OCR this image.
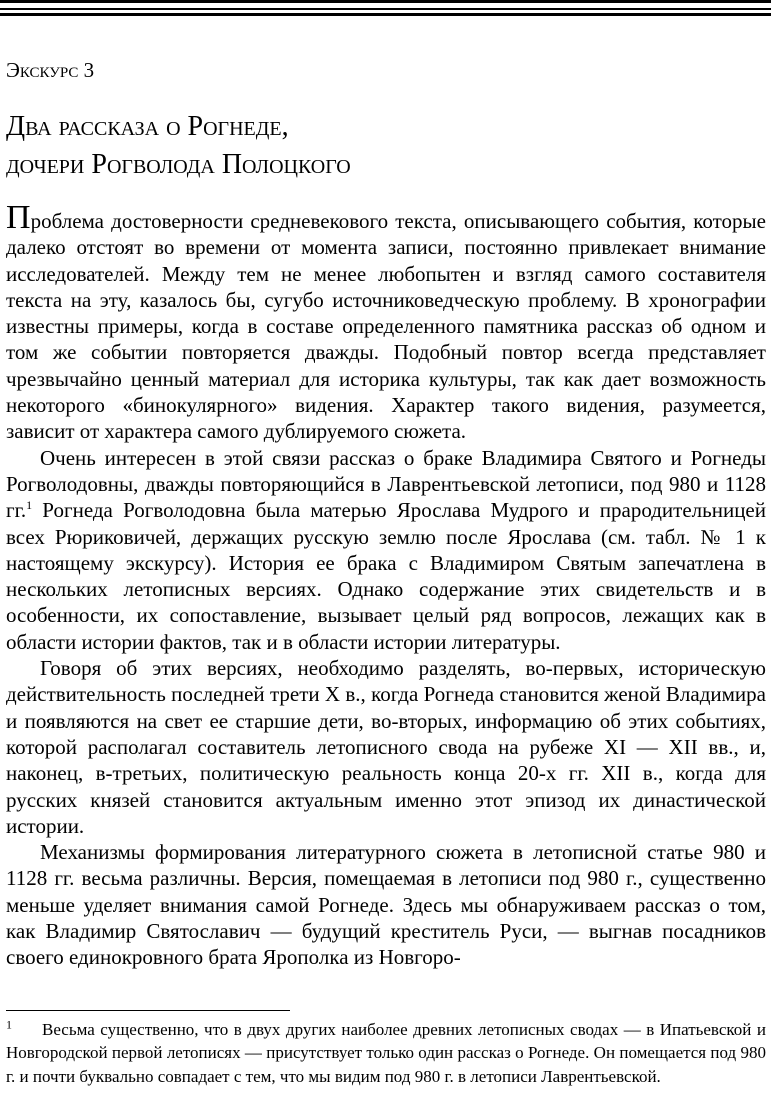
Экскурс 3
Два рассказа о Рогнеде,
дочери Рогволода Полоцкого

Проблема достоверности средневекового текста, описывающего события, которые далеко отстоят во времени от момента записи, постоянно привлекает внимание исследователей. Между тем не менее любопытен и взгляд самого составителя текста на эту, казалось бы, сугубо источниковедческую проблему. В хронографии известны примеры, когда в составе определенного памятника рассказ об одном и том же событии повторяется дважды. Подобный повтор всегда представляет чрезвычайно ценный материал для историка культуры, так как дает возможность некоторого «бинокулярного» видения. Характер такого видения, разумеется, зависит от характера самого дублируемого сюжета.

Очень интересен в этой связи рассказ о браке Владимира Святого и Рогнеды Рогволодовны, дважды повторяющийся в Лаврентьевской летописи, под 980 и 1128 гг.$^1$ Рогнеда Рогволодовна была матерью Ярослава Мудрого и прародительницей всех Рюриковичей, держащих русскую землю после Ярослава (см. табл. № 1 к настоящему экскурсу). История ее брака с Владимиром Святым запечатлена в нескольких летописных версиях. Однако содержание этих свидетельств и в особенности, их сопоставление, вызывает целый ряд вопросов, лежащих как в области истории фактов, так и в области истории литературы.

Говоря об этих версиях, необходимо разделять, во-первых, историческую действительность последней трети X в., когда Рогнеда становится женой Владимира и появляются на свет ее старшие дети, во-вторых, информацию об этих событиях, которой располагал составитель летописного свода на рубеже XI — XII вв., и, наконец, в-третьих, политическую реальность конца 20-х гг. XII в., когда для русских князей становится актуальным именно этот эпизод их династической истории.

Механизмы формирования литературного сюжета в летописной статье 980 и 1128 гг. весьма различны. Версия, помещаемая в летописи под 980 г., существенно меньше уделяет внимания самой Рогнеде. Здесь мы обнаруживаем рассказ о том, как Владимир Святославич — будущий креститель Руси, — выгнав посадников своего единокровного брата Ярополка из Новгоро-

$^1$ Весьма существенно, что в двух других наиболее древних летописных сводах — в Ипатьевской и Новгородской первой летописях — присутствует только один рассказ о Рогнеде. Он помещается под 980 г. и почти буквально совпадает с тем, что мы видим под 980 г. в летописи Лаврентьевской.
